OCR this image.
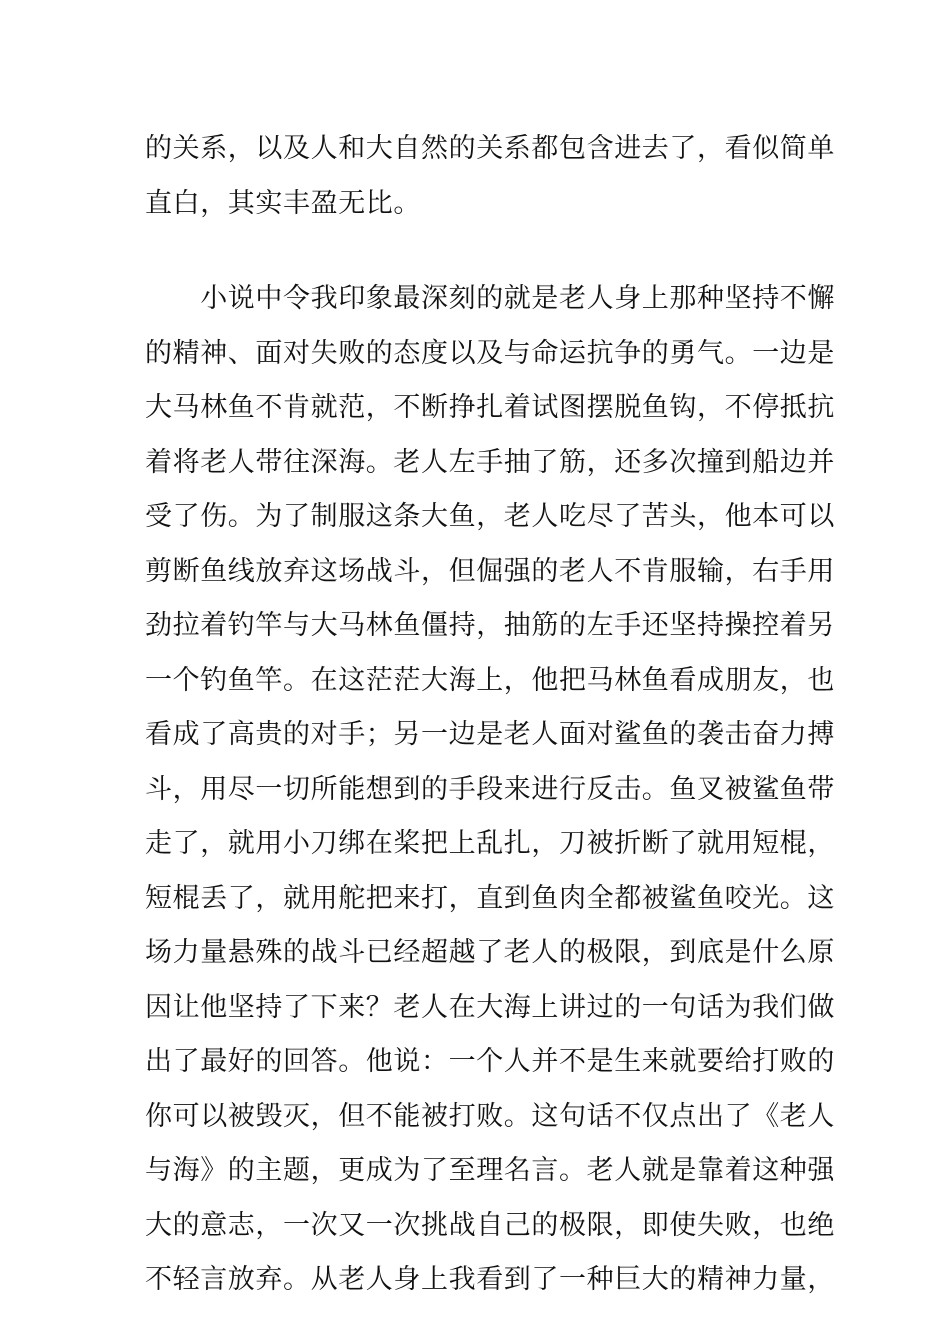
的关系，以及人和大自然的关系都包含进去了，看似简单
直白，其实丰盈无比。

　　小说中令我印象最深刻的就是老人身上那种坚持不懈
的精神、面对失败的态度以及与命运抗争的勇气。一边是
大马林鱼不肯就范，不断挣扎着试图摆脱鱼钩，不停抵抗
着将老人带往深海。老人左手抽了筋，还多次撞到船边并
受了伤。为了制服这条大鱼，老人吃尽了苦头，他本可以
剪断鱼线放弃这场战斗，但倔强的老人不肯服输，右手用
劲拉着钓竿与大马林鱼僵持，抽筋的左手还坚持操控着另
一个钓鱼竿。在这茫茫大海上，他把马林鱼看成朋友，也
看成了高贵的对手；另一边是老人面对鲨鱼的袭击奋力搏
斗，用尽一切所能想到的手段来进行反击。鱼叉被鲨鱼带
走了，就用小刀绑在桨把上乱扎，刀被折断了就用短棍，
短棍丢了，就用舵把来打，直到鱼肉全都被鲨鱼咬光。这
场力量悬殊的战斗已经超越了老人的极限，到底是什么原
因让他坚持了下来？老人在大海上讲过的一句话为我们做
出了最好的回答。他说：一个人并不是生来就要给打败的
你可以被毁灭，但不能被打败。这句话不仅点出了《老人
与海》的主题，更成为了至理名言。老人就是靠着这种强
大的意志，一次又一次挑战自己的极限，即使失败，也绝
不轻言放弃。从老人身上我看到了一种巨大的精神力量，
